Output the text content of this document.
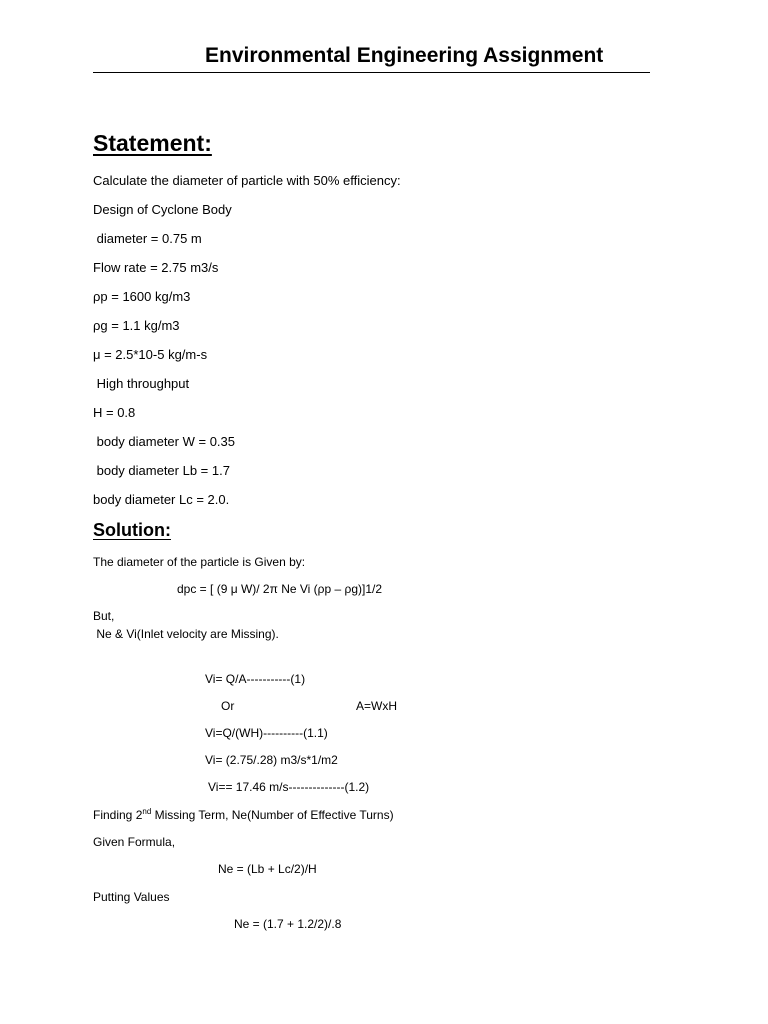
Environmental Engineering Assignment
Statement:
Calculate the diameter of particle with 50% efficiency:
Design of Cyclone Body
diameter = 0.75 m
Flow rate = 2.75 m3/s
ρp = 1600 kg/m3
ρg = 1.1 kg/m3
μ = 2.5*10-5 kg/m-s
High throughput
H = 0.8
body diameter W = 0.35
body diameter Lb = 1.7
body diameter Lc = 2.0.
Solution:
The diameter of the particle is Given by:
dpc = [ (9 μ W)/ 2π Ne Vi (ρp – ρg)]1/2
But,
Ne & Vi(Inlet velocity are Missing).
Vi= Q/A-----------(1)
Or	A=WxH
Vi=Q/(WH)----------(1.1)
Vi= (2.75/.28) m3/s*1/m2
Vi== 17.46 m/s--------------(1.2)
Finding 2nd Missing Term, Ne(Number of Effective Turns)
Given Formula,
Ne = (Lb + Lc/2)/H
Putting Values
Ne = (1.7 + 1.2/2)/.8
